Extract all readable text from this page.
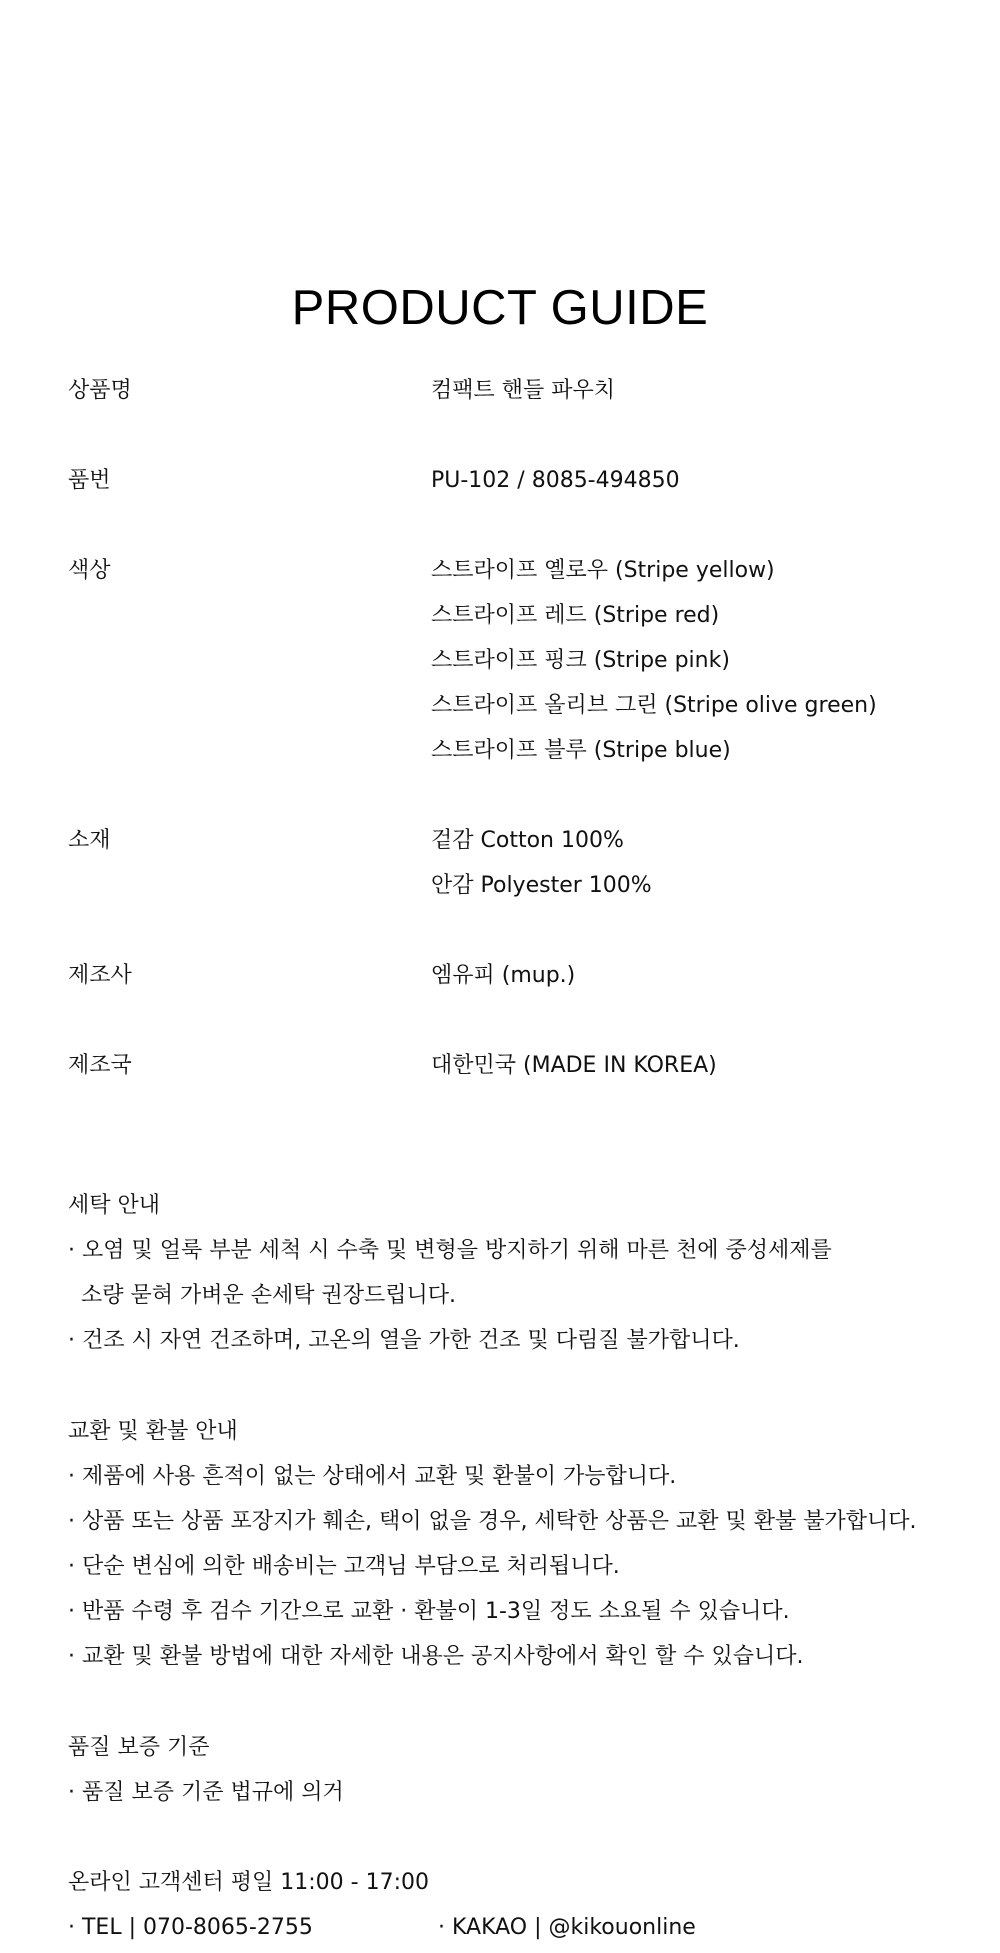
PRODUCT GUIDE
상품명	컴팩트 핸들 파우치
품번	PU-102 / 8085-494850
색상	스트라이프 옐로우 (Stripe yellow)
스트라이프 레드 (Stripe red)
스트라이프 핑크 (Stripe pink)
스트라이프 올리브 그린 (Stripe olive green)
스트라이프 블루 (Stripe blue)
소재	겉감 Cotton 100%
안감 Polyester 100%
제조사	엠유피 (mup.)
제조국	대한민국 (MADE IN KOREA)
세탁 안내
· 오염 및 얼룩 부분 세척 시 수축 및 변형을 방지하기 위해 마른 천에 중성세제를
소량 묻혀 가벼운 손세탁 권장드립니다.
· 건조 시 자연 건조하며, 고온의 열을 가한 건조 및 다림질 불가합니다.
교환 및 환불 안내
· 제품에 사용 흔적이 없는 상태에서 교환 및 환불이 가능합니다.
· 상품 또는 상품 포장지가 훼손, 택이 없을 경우, 세탁한 상품은 교환 및 환불 불가합니다.
· 단순 변심에 의한 배송비는 고객님 부담으로 처리됩니다.
· 반품 수령 후 검수 기간으로 교환 · 환불이 1-3일 정도 소요될 수 있습니다.
· 교환 및 환불 방법에 대한 자세한 내용은 공지사항에서 확인 할 수 있습니다.
품질 보증 기준
· 품질 보증 기준 법규에 의거
온라인 고객센터 평일 11:00 - 17:00
· TEL | 070-8065-2755	· KAKAO | @kikouonline
